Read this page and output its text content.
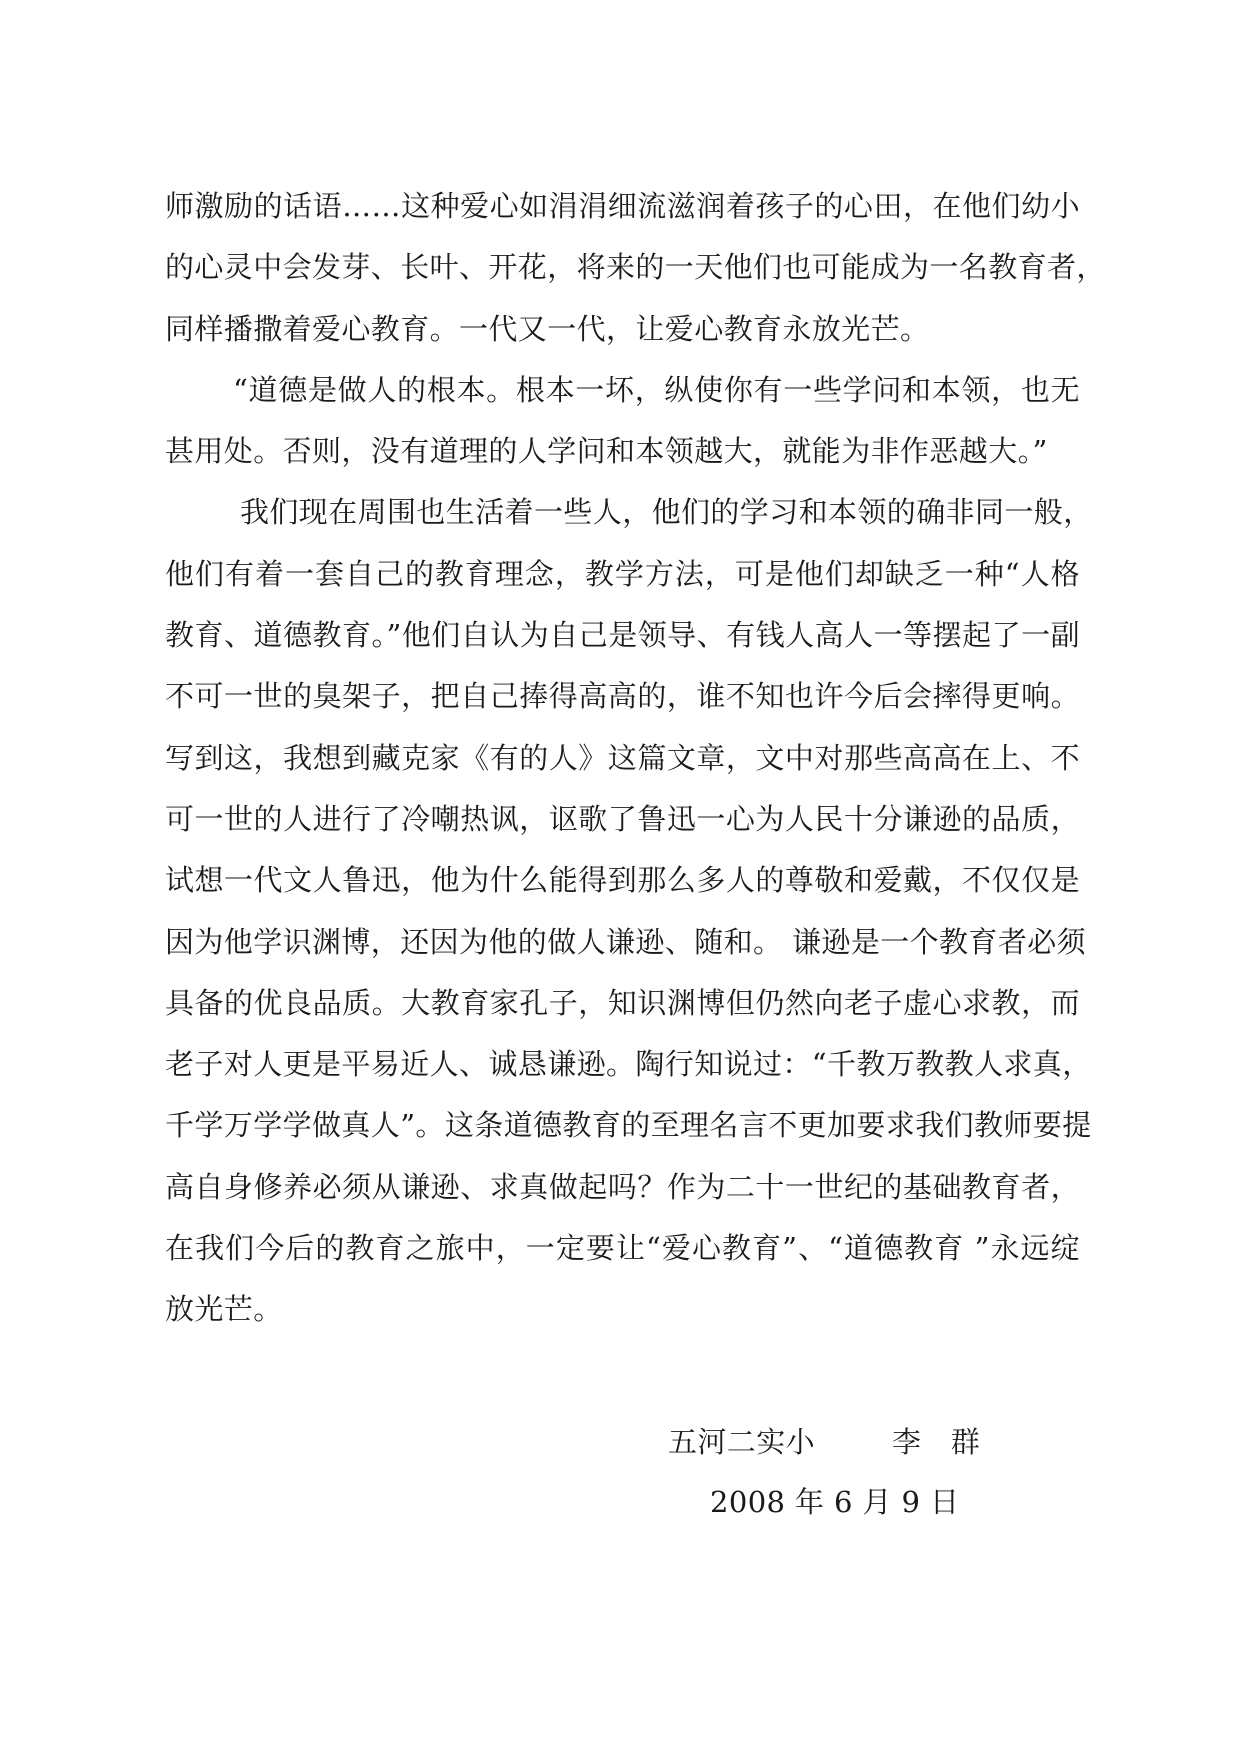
师激励的话语……这种爱心如涓涓细流滋润着孩子的心田，在他们幼小
的心灵中会发芽、长叶、开花，将来的一天他们也可能成为一名教育者，
同样播撒着爱心教育。一代又一代，让爱心教育永放光芒。
“道德是做人的根本。根本一坏，纵使你有一些学问和本领，也无
甚用处。否则，没有道理的人学问和本领越大，就能为非作恶越大。”
我们现在周围也生活着一些人，他们的学习和本领的确非同一般，
他们有着一套自己的教育理念，教学方法，可是他们却缺乏一种“人格
教育、道德教育。”他们自认为自己是领导、有钱人高人一等摆起了一副
不可一世的臭架子，把自己捧得高高的，谁不知也许今后会摔得更响。
写到这，我想到藏克家《有的人》这篇文章，文中对那些高高在上、不
可一世的人进行了冷嘲热讽，讴歌了鲁迅一心为人民十分谦逊的品质，
试想一代文人鲁迅，他为什么能得到那么多人的尊敬和爱戴，不仅仅是
因为他学识渊博，还因为他的做人谦逊、随和。 谦逊是一个教育者必须
具备的优良品质。大教育家孔子，知识渊博但仍然向老子虚心求教，而
老子对人更是平易近人、诚恳谦逊。陶行知说过：“千教万教教人求真，
千学万学学做真人”。这条道德教育的至理名言不更加要求我们教师要提
高自身修养必须从谦逊、求真做起吗？作为二十一世纪的基础教育者，
在我们今后的教育之旅中，一定要让“爱心教育”、“道德教育 ”永远绽
放光芒。
五河二实小	李　群
2008 年 6 月 9 日
